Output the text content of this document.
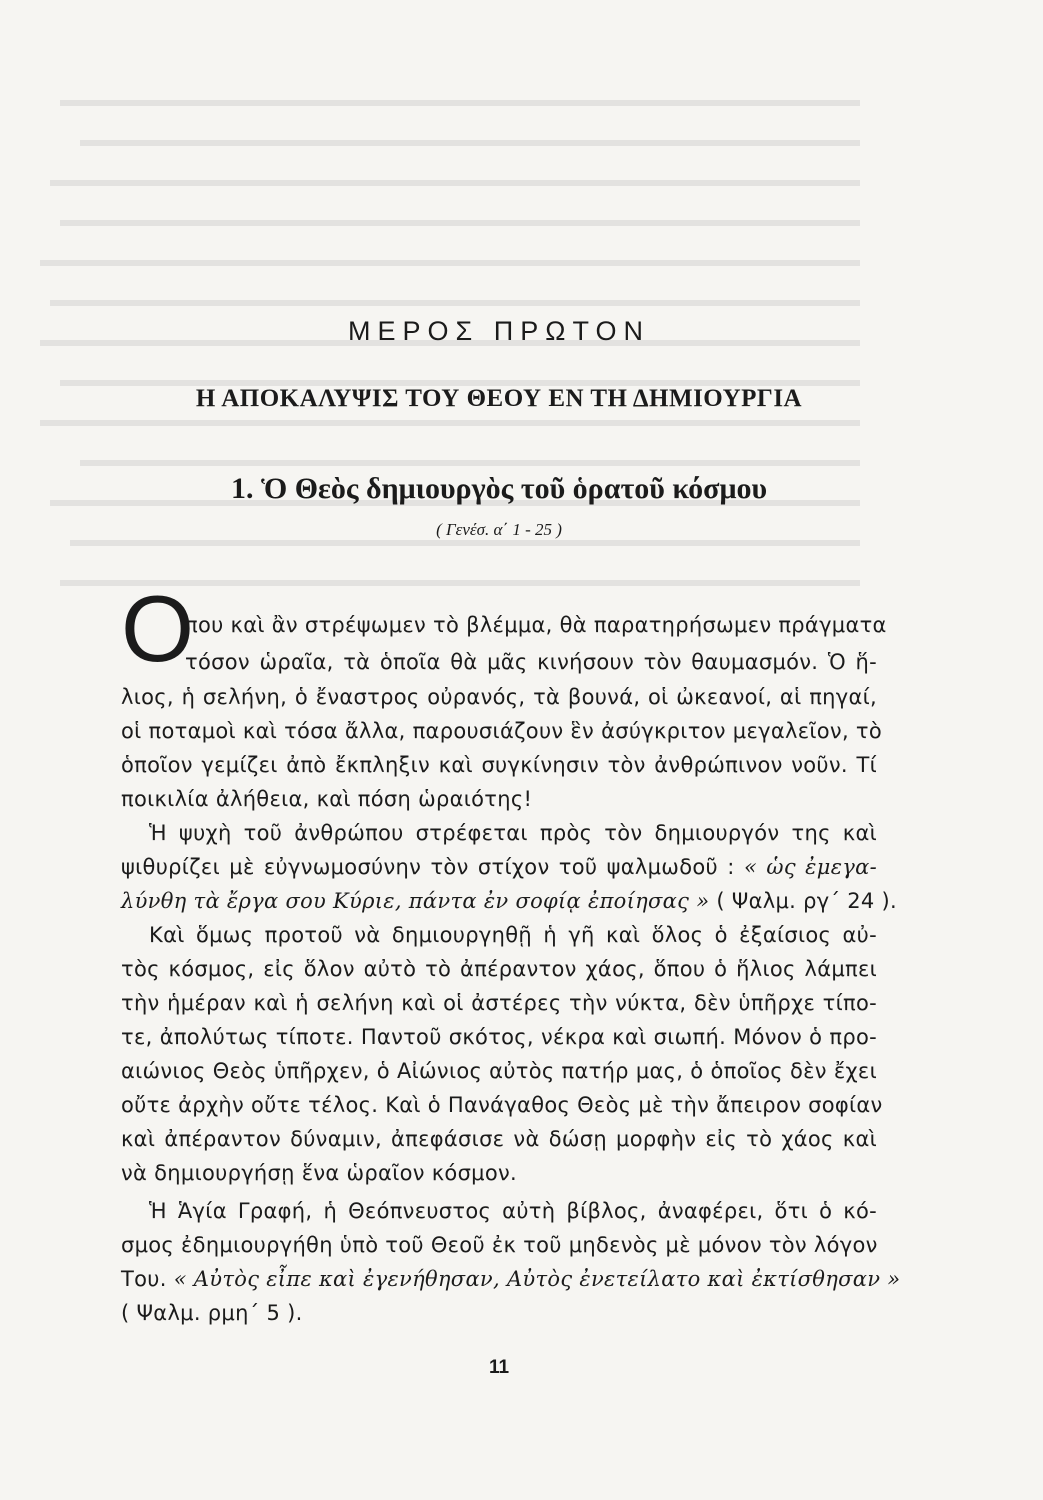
ΜΕΡΟΣ ΠΡΩΤΟΝ
Η ΑΠΟΚΑΛΥΨΙΣ ΤΟΥ ΘΕΟΥ ΕΝ ΤΗ ΔΗΜΙΟΥΡΓΙΑ
1. Ὁ Θεὸς δημιουργὸς τοῦ ὁρατοῦ κόσμου
( Γενέσ. α΄ 1 - 25 )
Ο
που καὶ ἂν στρέψωμεν τὸ βλέμμα, θὰ παρατηρήσωμεν πράγματα
τόσον ὡραῖα, τὰ ὁποῖα θὰ μᾶς κινήσουν τὸν θαυμασμόν. Ὁ ἥ-
λιος, ἡ σελήνη, ὁ ἔναστρος οὐρανός, τὰ βουνά, οἱ ὠκεανοί, αἱ πηγαί,
οἱ ποταμοὶ καὶ τόσα ἄλλα, παρουσιάζουν ἓν ἀσύγκριτον μεγαλεῖον, τὸ
ὁποῖον γεμίζει ἀπὸ ἔκπληξιν καὶ συγκίνησιν τὸν ἀνθρώπινον νοῦν. Τί
ποικιλία ἀλήθεια, καὶ πόση ὡραιότης!
Ἡ ψυχὴ τοῦ ἀνθρώπου στρέφεται πρὸς τὸν δημιουργόν της καὶ
ψιθυρίζει μὲ εὐγνωμοσύνην τὸν στίχον τοῦ ψαλμωδοῦ : « ὡς ἐμεγα-
λύνθη τὰ ἔργα σου Κύριε, πάντα ἐν σοφίᾳ ἐποίησας » ( Ψαλμ. ργ΄ 24 ).
Καὶ ὅμως προτοῦ νὰ δημιουργηθῇ ἡ γῆ καὶ ὅλος ὁ ἐξαίσιος αὐ-
τὸς κόσμος, εἰς ὅλον αὐτὸ τὸ ἀπέραντον χάος, ὅπου ὁ ἥλιος λάμπει
τὴν ἡμέραν καὶ ἡ σελήνη καὶ οἱ ἀστέρες τὴν νύκτα, δὲν ὑπῆρχε τίπο-
τε, ἀπολύτως τίποτε. Παντοῦ σκότος, νέκρα καὶ σιωπή. Μόνον ὁ προ-
αιώνιος Θεὸς ὑπῆρχεν, ὁ Αἰώνιος αὐτὸς πατήρ μας, ὁ ὁποῖος δὲν ἔχει
οὔτε ἀρχὴν οὔτε τέλος. Καὶ ὁ Πανάγαθος Θεὸς μὲ τὴν ἄπειρον σοφίαν
καὶ ἀπέραντον δύναμιν, ἀπεφάσισε νὰ δώσῃ μορφὴν εἰς τὸ χάος καὶ
νὰ δημιουργήσῃ ἕνα ὡραῖον κόσμον.
Ἡ Ἁγία Γραφή, ἡ Θεόπνευστος αὐτὴ βίβλος, ἀναφέρει, ὅτι ὁ κό-
σμος ἐδημιουργήθη ὑπὸ τοῦ Θεοῦ ἐκ τοῦ μηδενὸς μὲ μόνον τὸν λόγον
Του. « Αὐτὸς εἶπε καὶ ἐγενήθησαν, Αὐτὸς ἐνετείλατο καὶ ἐκτίσθησαν »
( Ψαλμ. ρμη΄ 5 ).
11
